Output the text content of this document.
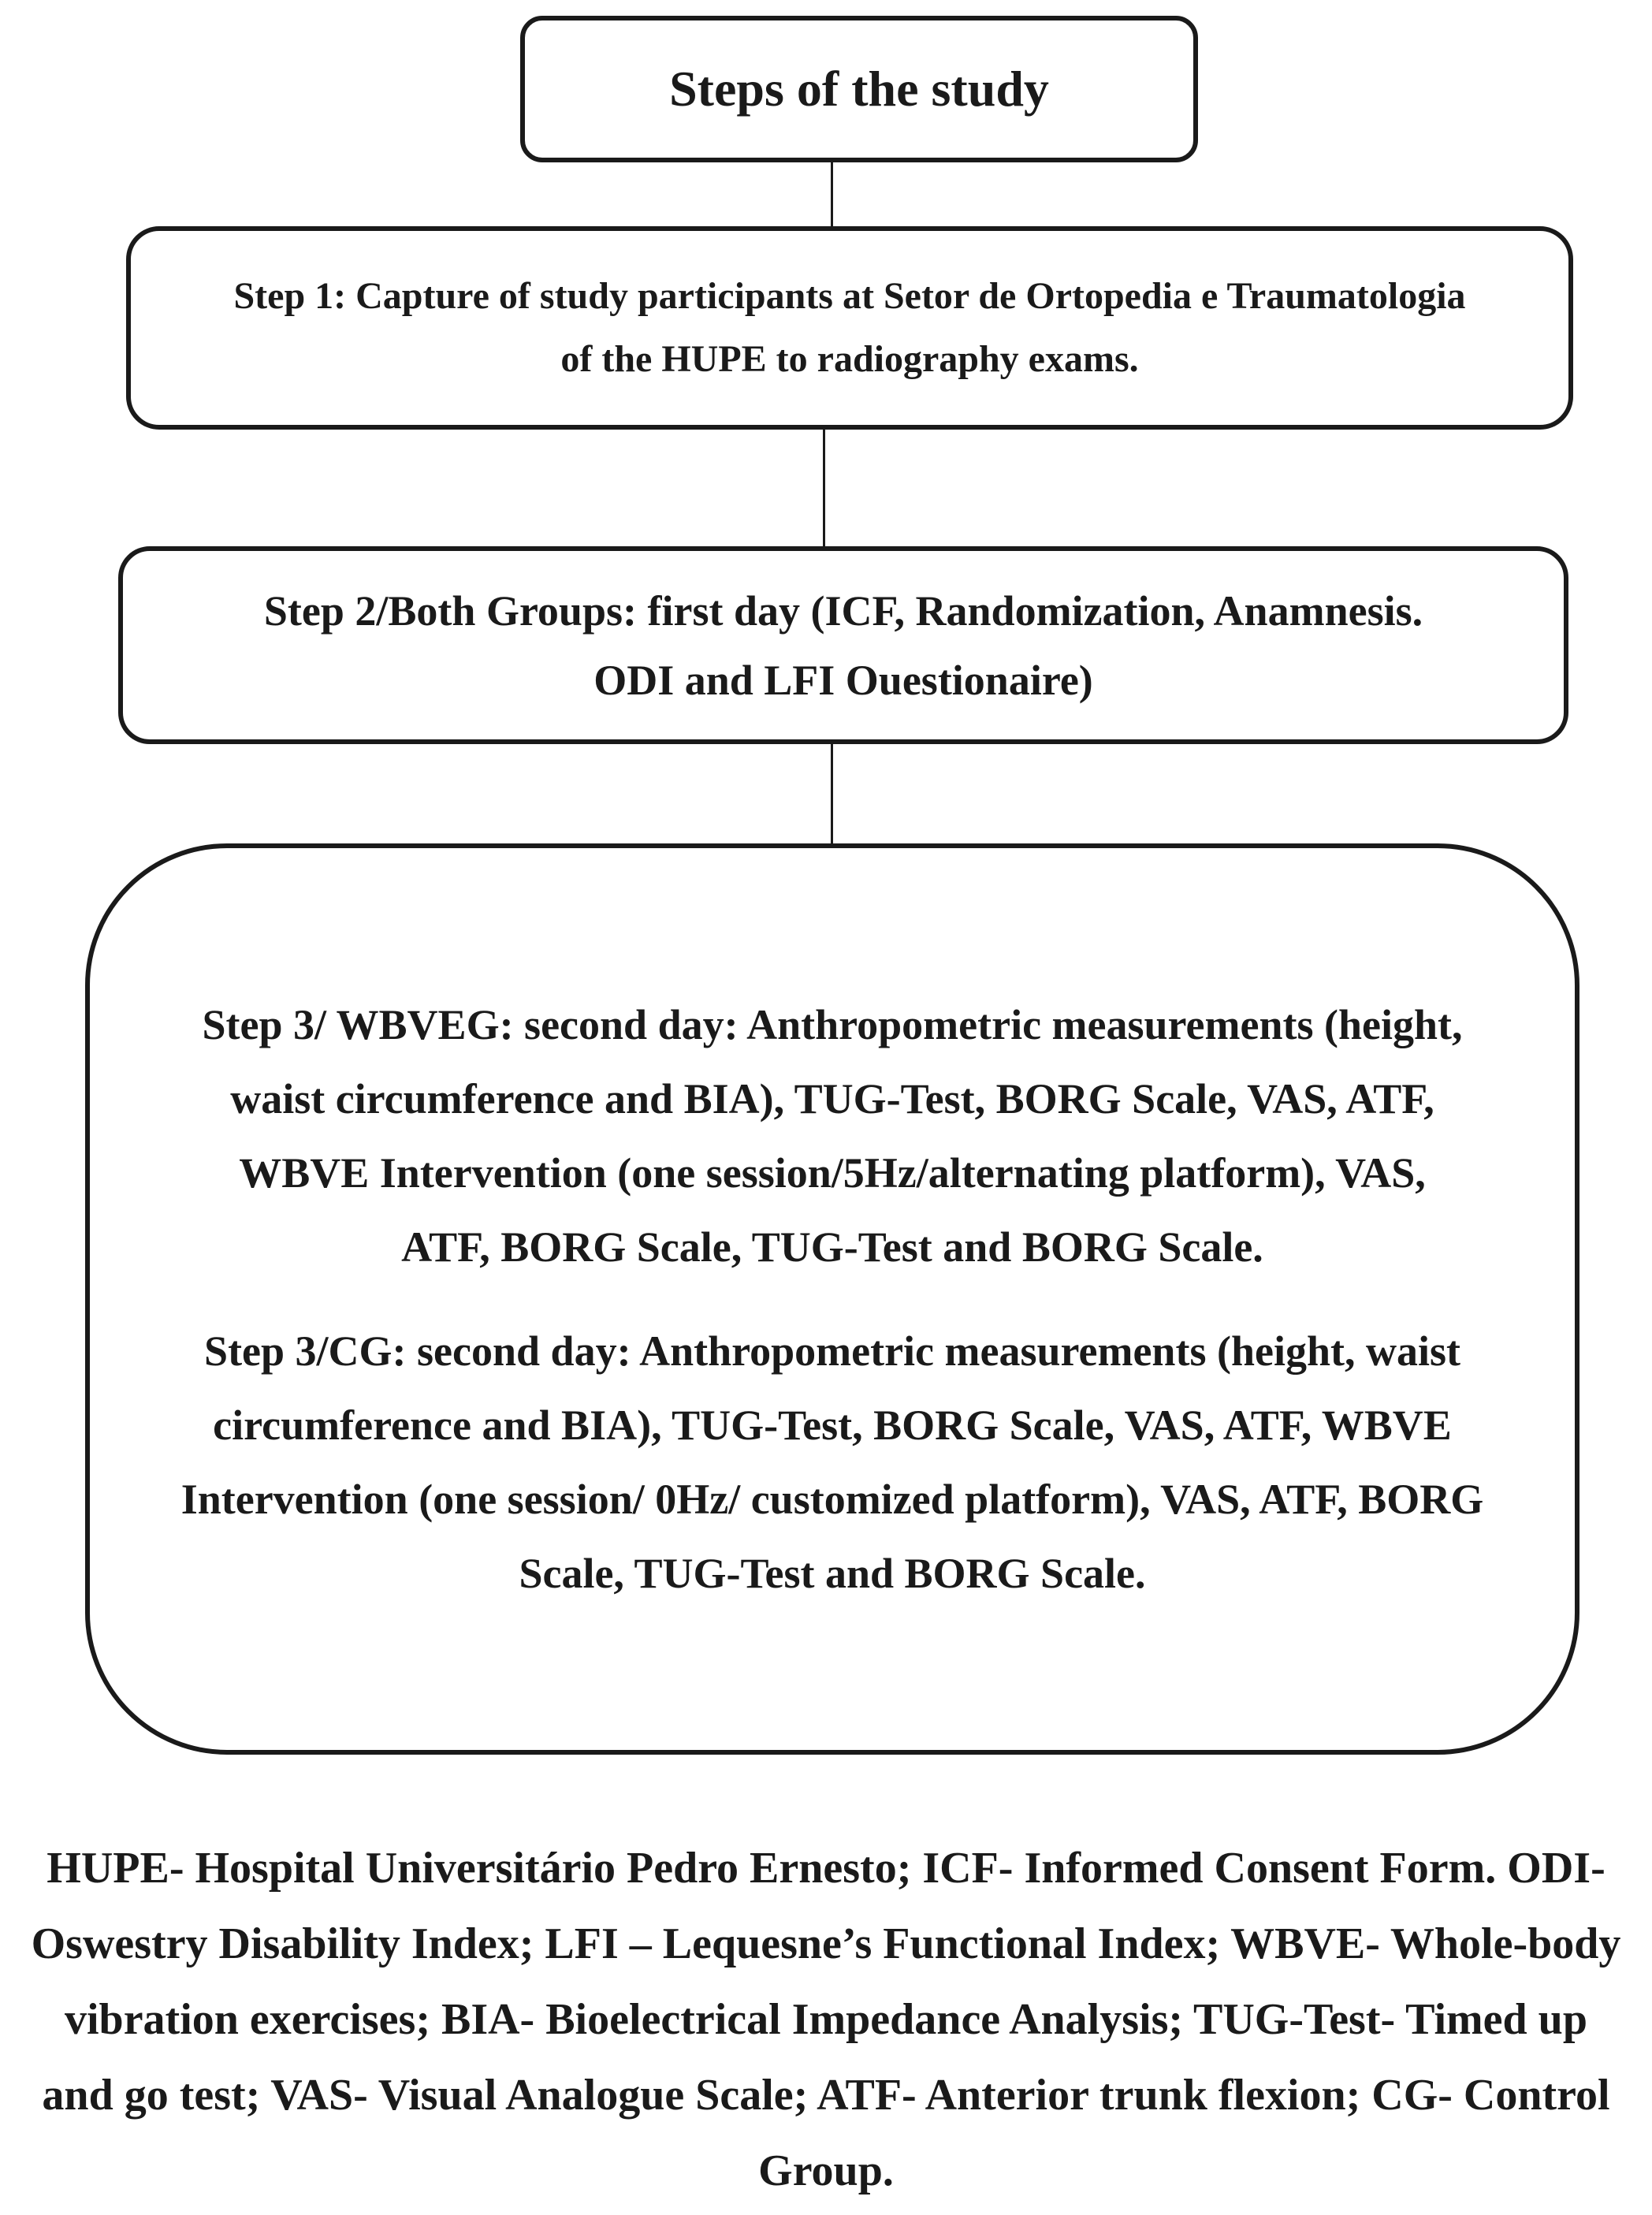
Steps of the study
Step 1: Capture of study participants at Setor de Ortopedia e Traumatologia of the HUPE to radiography exams.
Step 2/Both Groups: first day (ICF, Randomization, Anamnesis. ODI and LFI Ouestionaire)

Step 3/ WBVEG: second day: Anthropometric measurements (height, waist circumference and BIA), TUG-Test, BORG Scale, VAS, ATF, WBVE Intervention (one session/5Hz/alternating platform), VAS, ATF, BORG Scale, TUG-Test and BORG Scale.

Step 3/CG: second day: Anthropometric measurements (height, waist circumference and BIA), TUG-Test, BORG Scale, VAS, ATF, WBVE Intervention (one session/ 0Hz/ customized platform), VAS, ATF, BORG Scale, TUG-Test and BORG Scale.

HUPE- Hospital Universitário Pedro Ernesto; ICF- Informed Consent Form. ODI- Oswestry Disability Index; LFI – Lequesne’s Functional Index; WBVE- Whole-body vibration exercises; BIA- Bioelectrical Impedance Analysis; TUG-Test- Timed up and go test; VAS- Visual Analogue Scale; ATF- Anterior trunk flexion; CG- Control Group.
